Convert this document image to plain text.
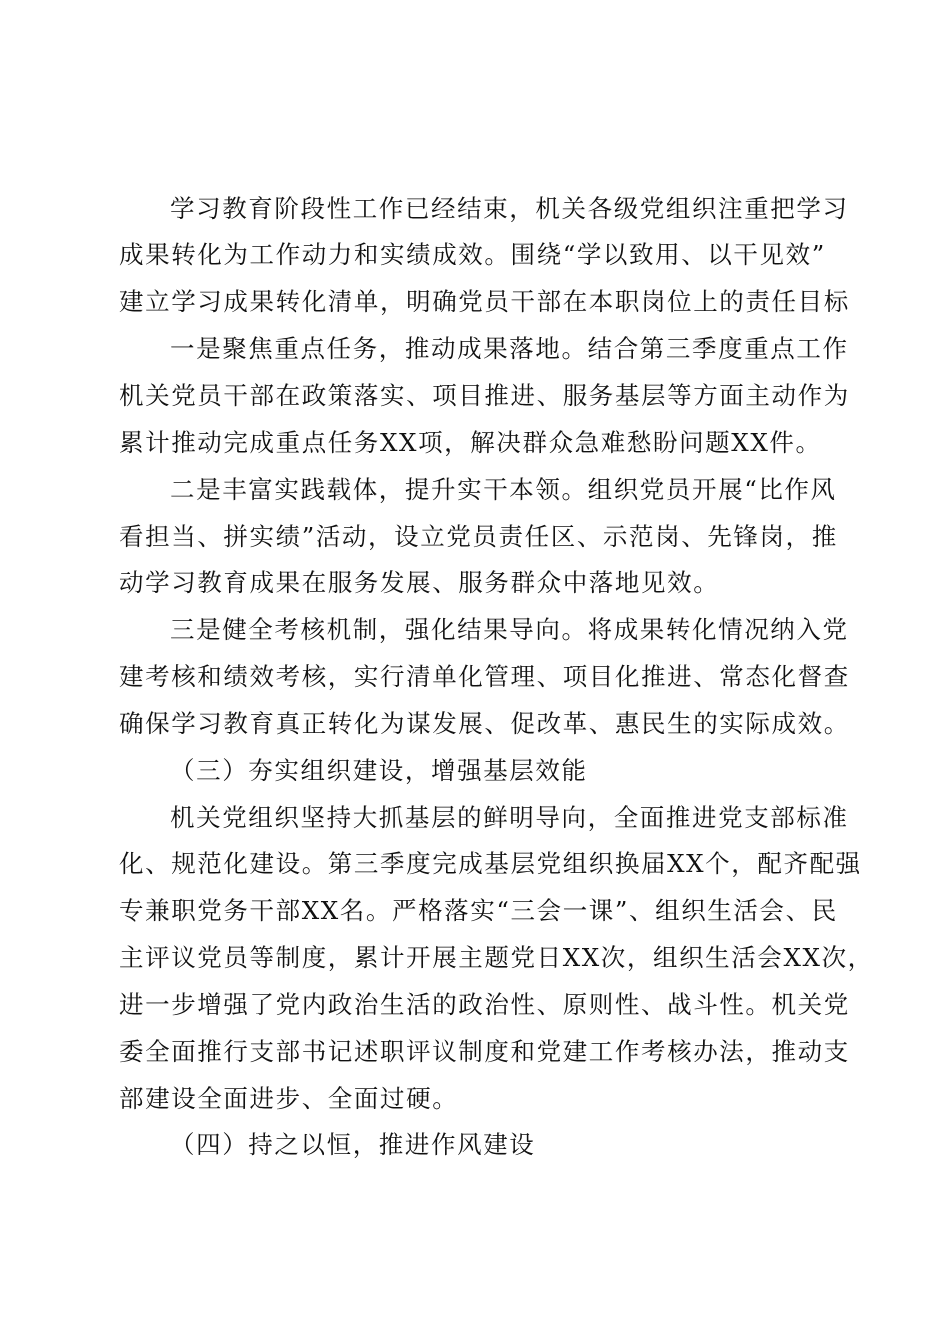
学习教育阶段性工作已经结束，机关各级党组织注重把学习
成果转化为工作动力和实绩成效。围绕“学以致用、以干见效”
建立学习成果转化清单，明确党员干部在本职岗位上的责任目标
一是聚焦重点任务，推动成果落地。结合第三季度重点工作
机关党员干部在政策落实、项目推进、服务基层等方面主动作为
累计推动完成重点任务XX项，解决群众急难愁盼问题XX件。
二是丰富实践载体，提升实干本领。组织党员开展“比作风
看担当、拼实绩”活动，设立党员责任区、示范岗、先锋岗，推
动学习教育成果在服务发展、服务群众中落地见效。
三是健全考核机制，强化结果导向。将成果转化情况纳入党
建考核和绩效考核，实行清单化管理、项目化推进、常态化督查
确保学习教育真正转化为谋发展、促改革、惠民生的实际成效。
（三）夯实组织建设，增强基层效能
机关党组织坚持大抓基层的鲜明导向，全面推进党支部标准
化、规范化建设。第三季度完成基层党组织换届XX个，配齐配强
专兼职党务干部XX名。严格落实“三会一课”、组织生活会、民
主评议党员等制度，累计开展主题党日XX次，组织生活会XX次，
进一步增强了党内政治生活的政治性、原则性、战斗性。机关党
委全面推行支部书记述职评议制度和党建工作考核办法，推动支
部建设全面进步、全面过硬。
（四）持之以恒，推进作风建设
